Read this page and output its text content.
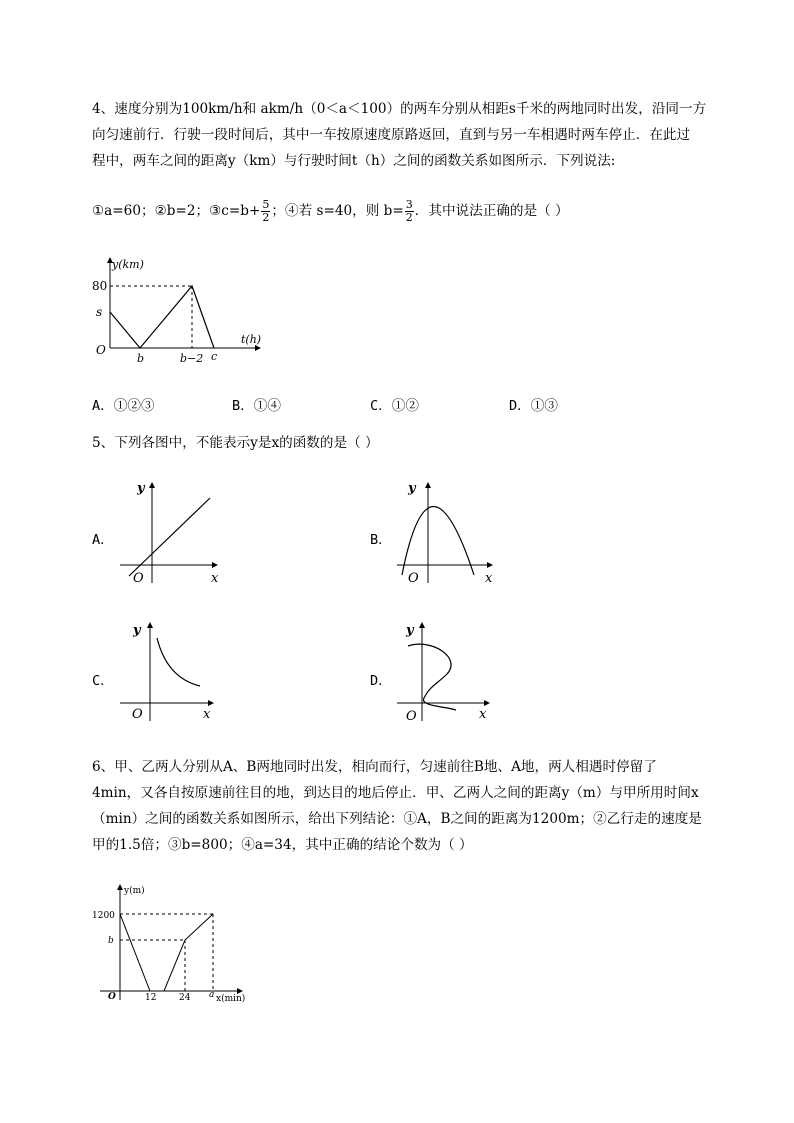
4、速度分别为100km/h和 akm/h（0＜a＜100）的两车分别从相距s千米的两地同时出发，沿同一方
向匀速前行．行驶一段时间后，其中一车按原速度原路返回，直到与另一车相遇时两车停止．在此过
程中，两车之间的距离y（km）与行驶时间t（h）之间的函数关系如图所示．下列说法:
①a=60；②b=2；③c=b+ $\frac{5}{2}$ ；④若 s=40，则 $b= \frac{3}{2}$ ．其中说法正确的是（ ）
y(km)
t(h)
80
s
O
b	b−2 c
A．①②③	B．①④	C．①②	D．①③
5、下列各图中，不能表示y是x的函数的是（ ）
A．	B．
C．	D．
y
x
O
y
x
O
y
x
O
y
x
O
6、甲、乙两人分别从A、B两地同时出发，相向而行，匀速前往B地、A地，两人相遇时停留了
4min，又各自按原速前往目的地，到达目的地后停止．甲、乙两人之间的距离y（m）与甲所用时间x
（min）之间的函数关系如图所示，给出下列结论：①A，B之间的距离为1200m；②乙行走的速度是
甲的1.5倍；③b=800；④a=34，其中正确的结论个数为（ ）
y(m)
x(min)
1200
b
O	12	24 a
